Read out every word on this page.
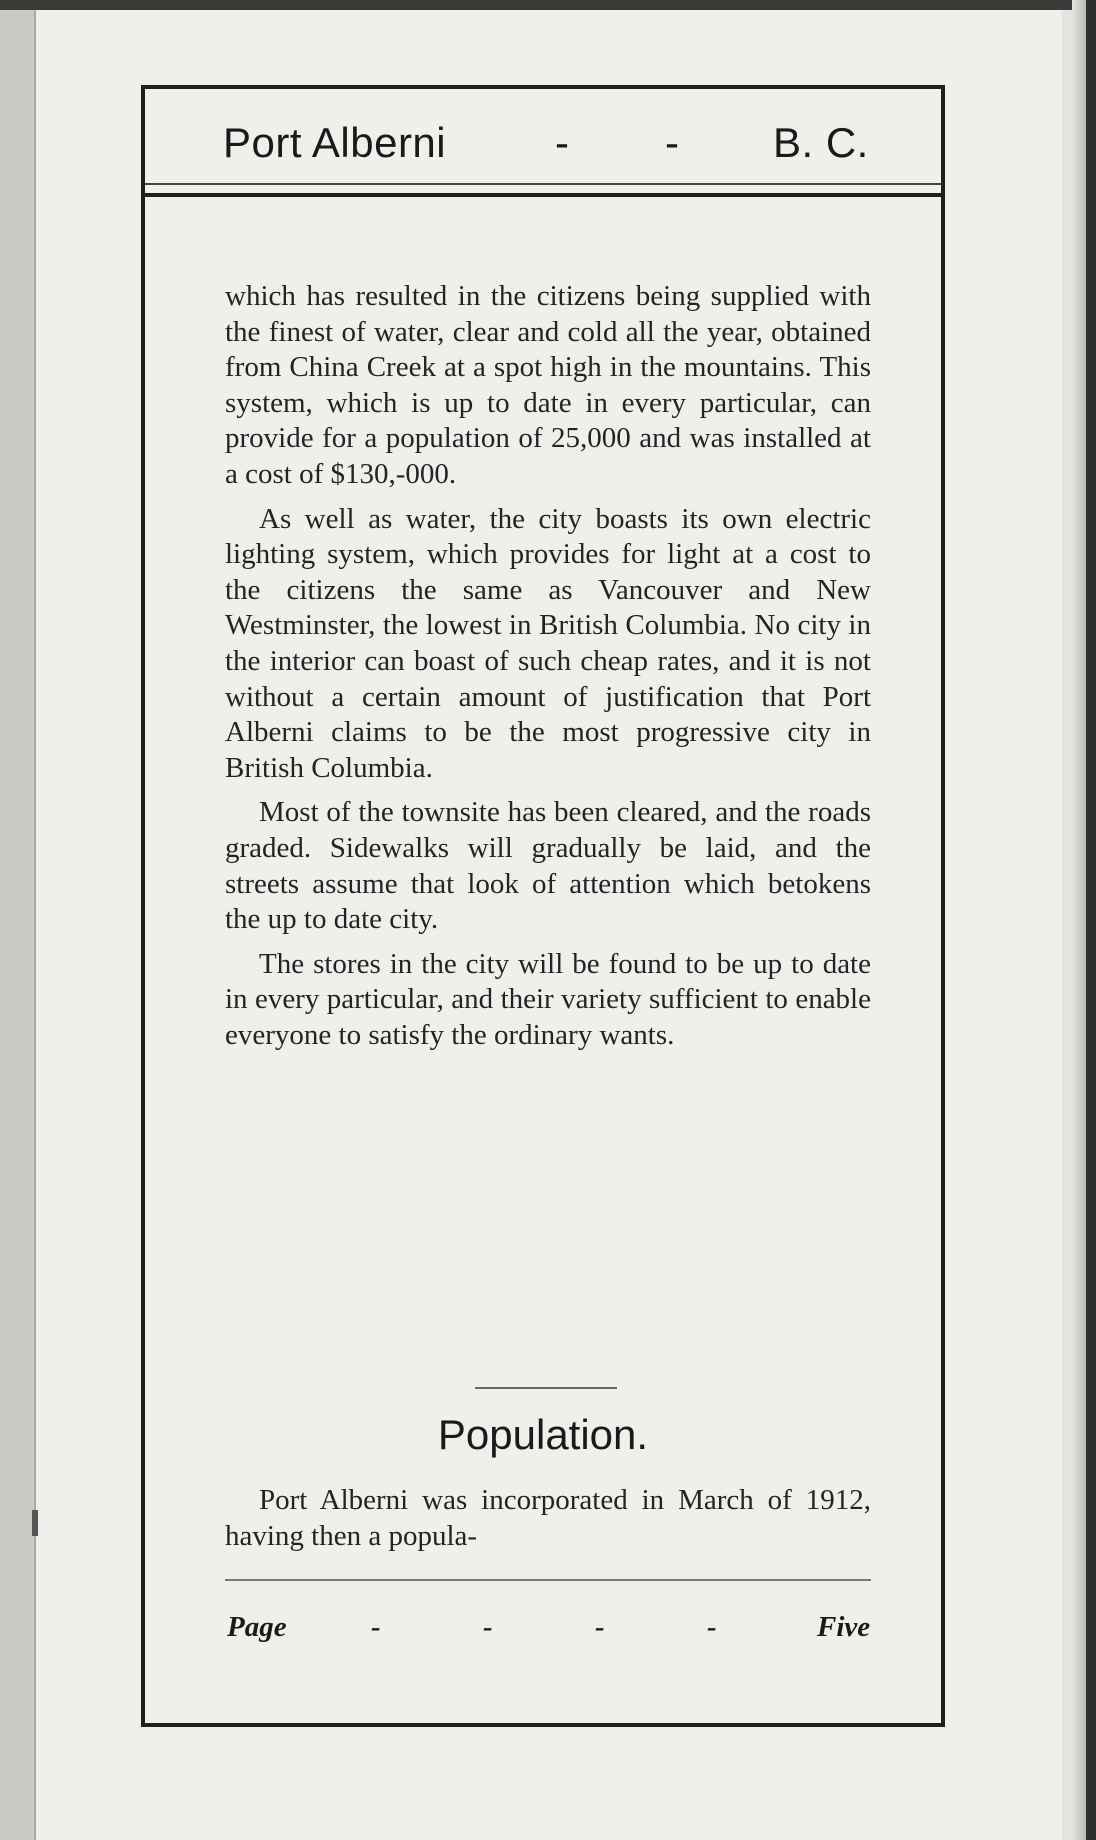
Port Alberni	- - B. C.

which has resulted in the citizens being supplied with the finest of water, clear and cold all the year, obtained from China Creek at a spot high in the mountains. This system, which is up to date in every particular, can provide for a population of 25,000 and was installed at a cost of $130,-000.

As well as water, the city boasts its own electric lighting system, which provides for light at a cost to the citizens the same as Vancouver and New Westminster, the lowest in British Columbia. No city in the interior can boast of such cheap rates, and it is not without a certain amount of justification that Port Alberni claims to be the most progressive city in British Columbia.

Most of the townsite has been cleared, and the roads graded. Sidewalks will gradually be laid, and the streets assume that look of attention which betokens the up to date city.

The stores in the city will be found to be up to date in every particular, and their variety sufficient to enable everyone to satisfy the ordinary wants.

Population.

Port Alberni was incorporated in March of 1912, having then a popula-

Page	-	-	-	-	Five
